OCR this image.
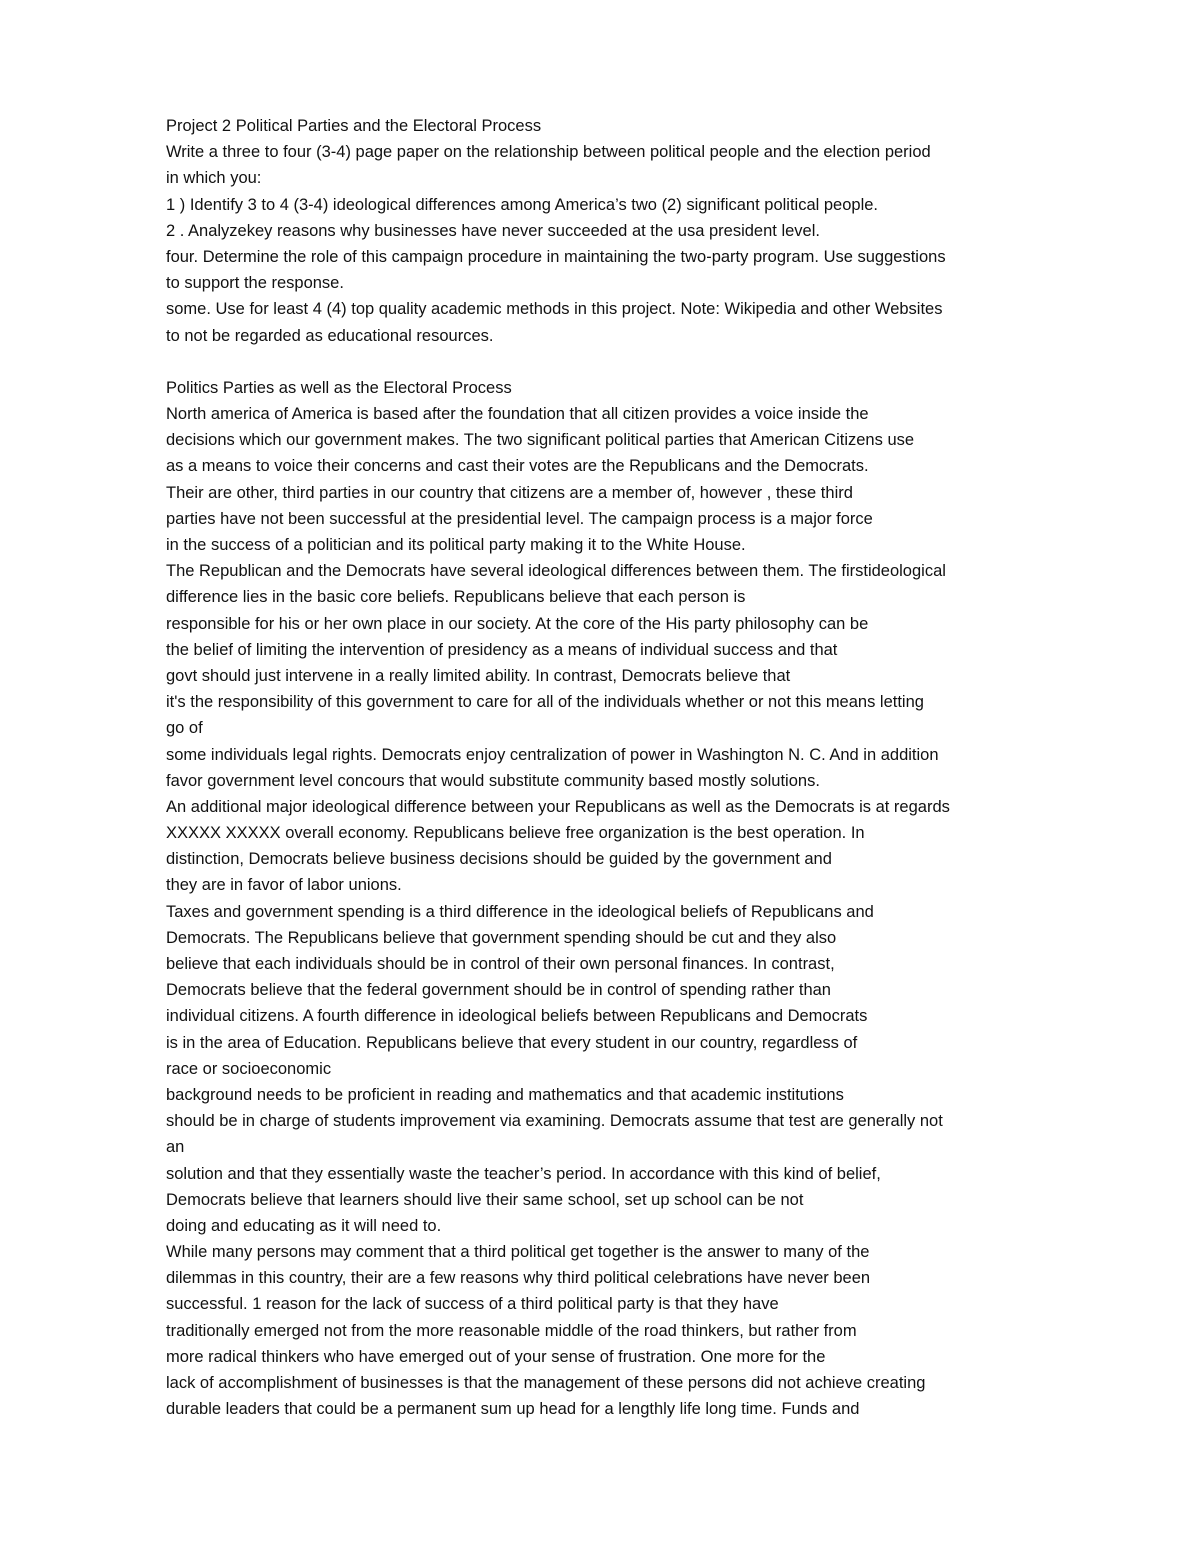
Project 2 Political Parties and the Electoral Process
Write a three to four (3-4) page paper on the relationship between political people and the election period
in which you:
1 ) Identify 3 to 4 (3-4) ideological differences among America’s two (2) significant political people.
2 . Analyzekey reasons why businesses have never succeeded at the usa president level.
four. Determine the role of this campaign procedure in maintaining the two-party program. Use suggestions
to support the response.
some. Use for least 4 (4) top quality academic methods in this project. Note: Wikipedia and other Websites
to not be regarded as educational resources.
Politics Parties as well as the Electoral Process
North america of America is based after the foundation that all citizen provides a voice inside the
decisions which our government makes. The two significant political parties that American Citizens use
as a means to voice their concerns and cast their votes are the Republicans and the Democrats.
Their are other, third parties in our country that citizens are a member of, however , these third
parties have not been successful at the presidential level. The campaign process is a major force
in the success of a politician and its political party making it to the White House.
The Republican and the Democrats have several ideological differences between them. The firstideological
difference lies in the basic core beliefs. Republicans believe that each person is
responsible for his or her own place in our society. At the core of the His party philosophy can be
the belief of limiting the intervention of presidency as a means of individual success and that
govt should just intervene in a really limited ability. In contrast, Democrats believe that
it's the responsibility of this government to care for all of the individuals whether or not this means letting
go of
some individuals legal rights. Democrats enjoy centralization of power in Washington N. C. And in addition
favor government level concours that would substitute community based mostly solutions.
An additional major ideological difference between your Republicans as well as the Democrats is at regards
XXXXX XXXXX overall economy. Republicans believe free organization is the best operation. In
distinction, Democrats believe business decisions should be guided by the government and
they are in favor of labor unions.
Taxes and government spending is a third difference in the ideological beliefs of Republicans and
Democrats. The Republicans believe that government spending should be cut and they also
believe that each individuals should be in control of their own personal finances. In contrast,
Democrats believe that the federal government should be in control of spending rather than
individual citizens. A fourth difference in ideological beliefs between Republicans and Democrats
is in the area of Education. Republicans believe that every student in our country, regardless of
race or socioeconomic
background needs to be proficient in reading and mathematics and that academic institutions
should be in charge of students improvement via examining. Democrats assume that test are generally not
an
solution and that they essentially waste the teacher’s period. In accordance with this kind of belief,
Democrats believe that learners should live their same school, set up school can be not
doing and educating as it will need to.
While many persons may comment that a third political get together is the answer to many of the
dilemmas in this country, their are a few reasons why third political celebrations have never been
successful. 1 reason for the lack of success of a third political party is that they have
traditionally emerged not from the more reasonable middle of the road thinkers, but rather from
more radical thinkers who have emerged out of your sense of frustration. One more for the
lack of accomplishment of businesses is that the management of these persons did not achieve creating
durable leaders that could be a permanent sum up head for a lengthly life long time. Funds and
